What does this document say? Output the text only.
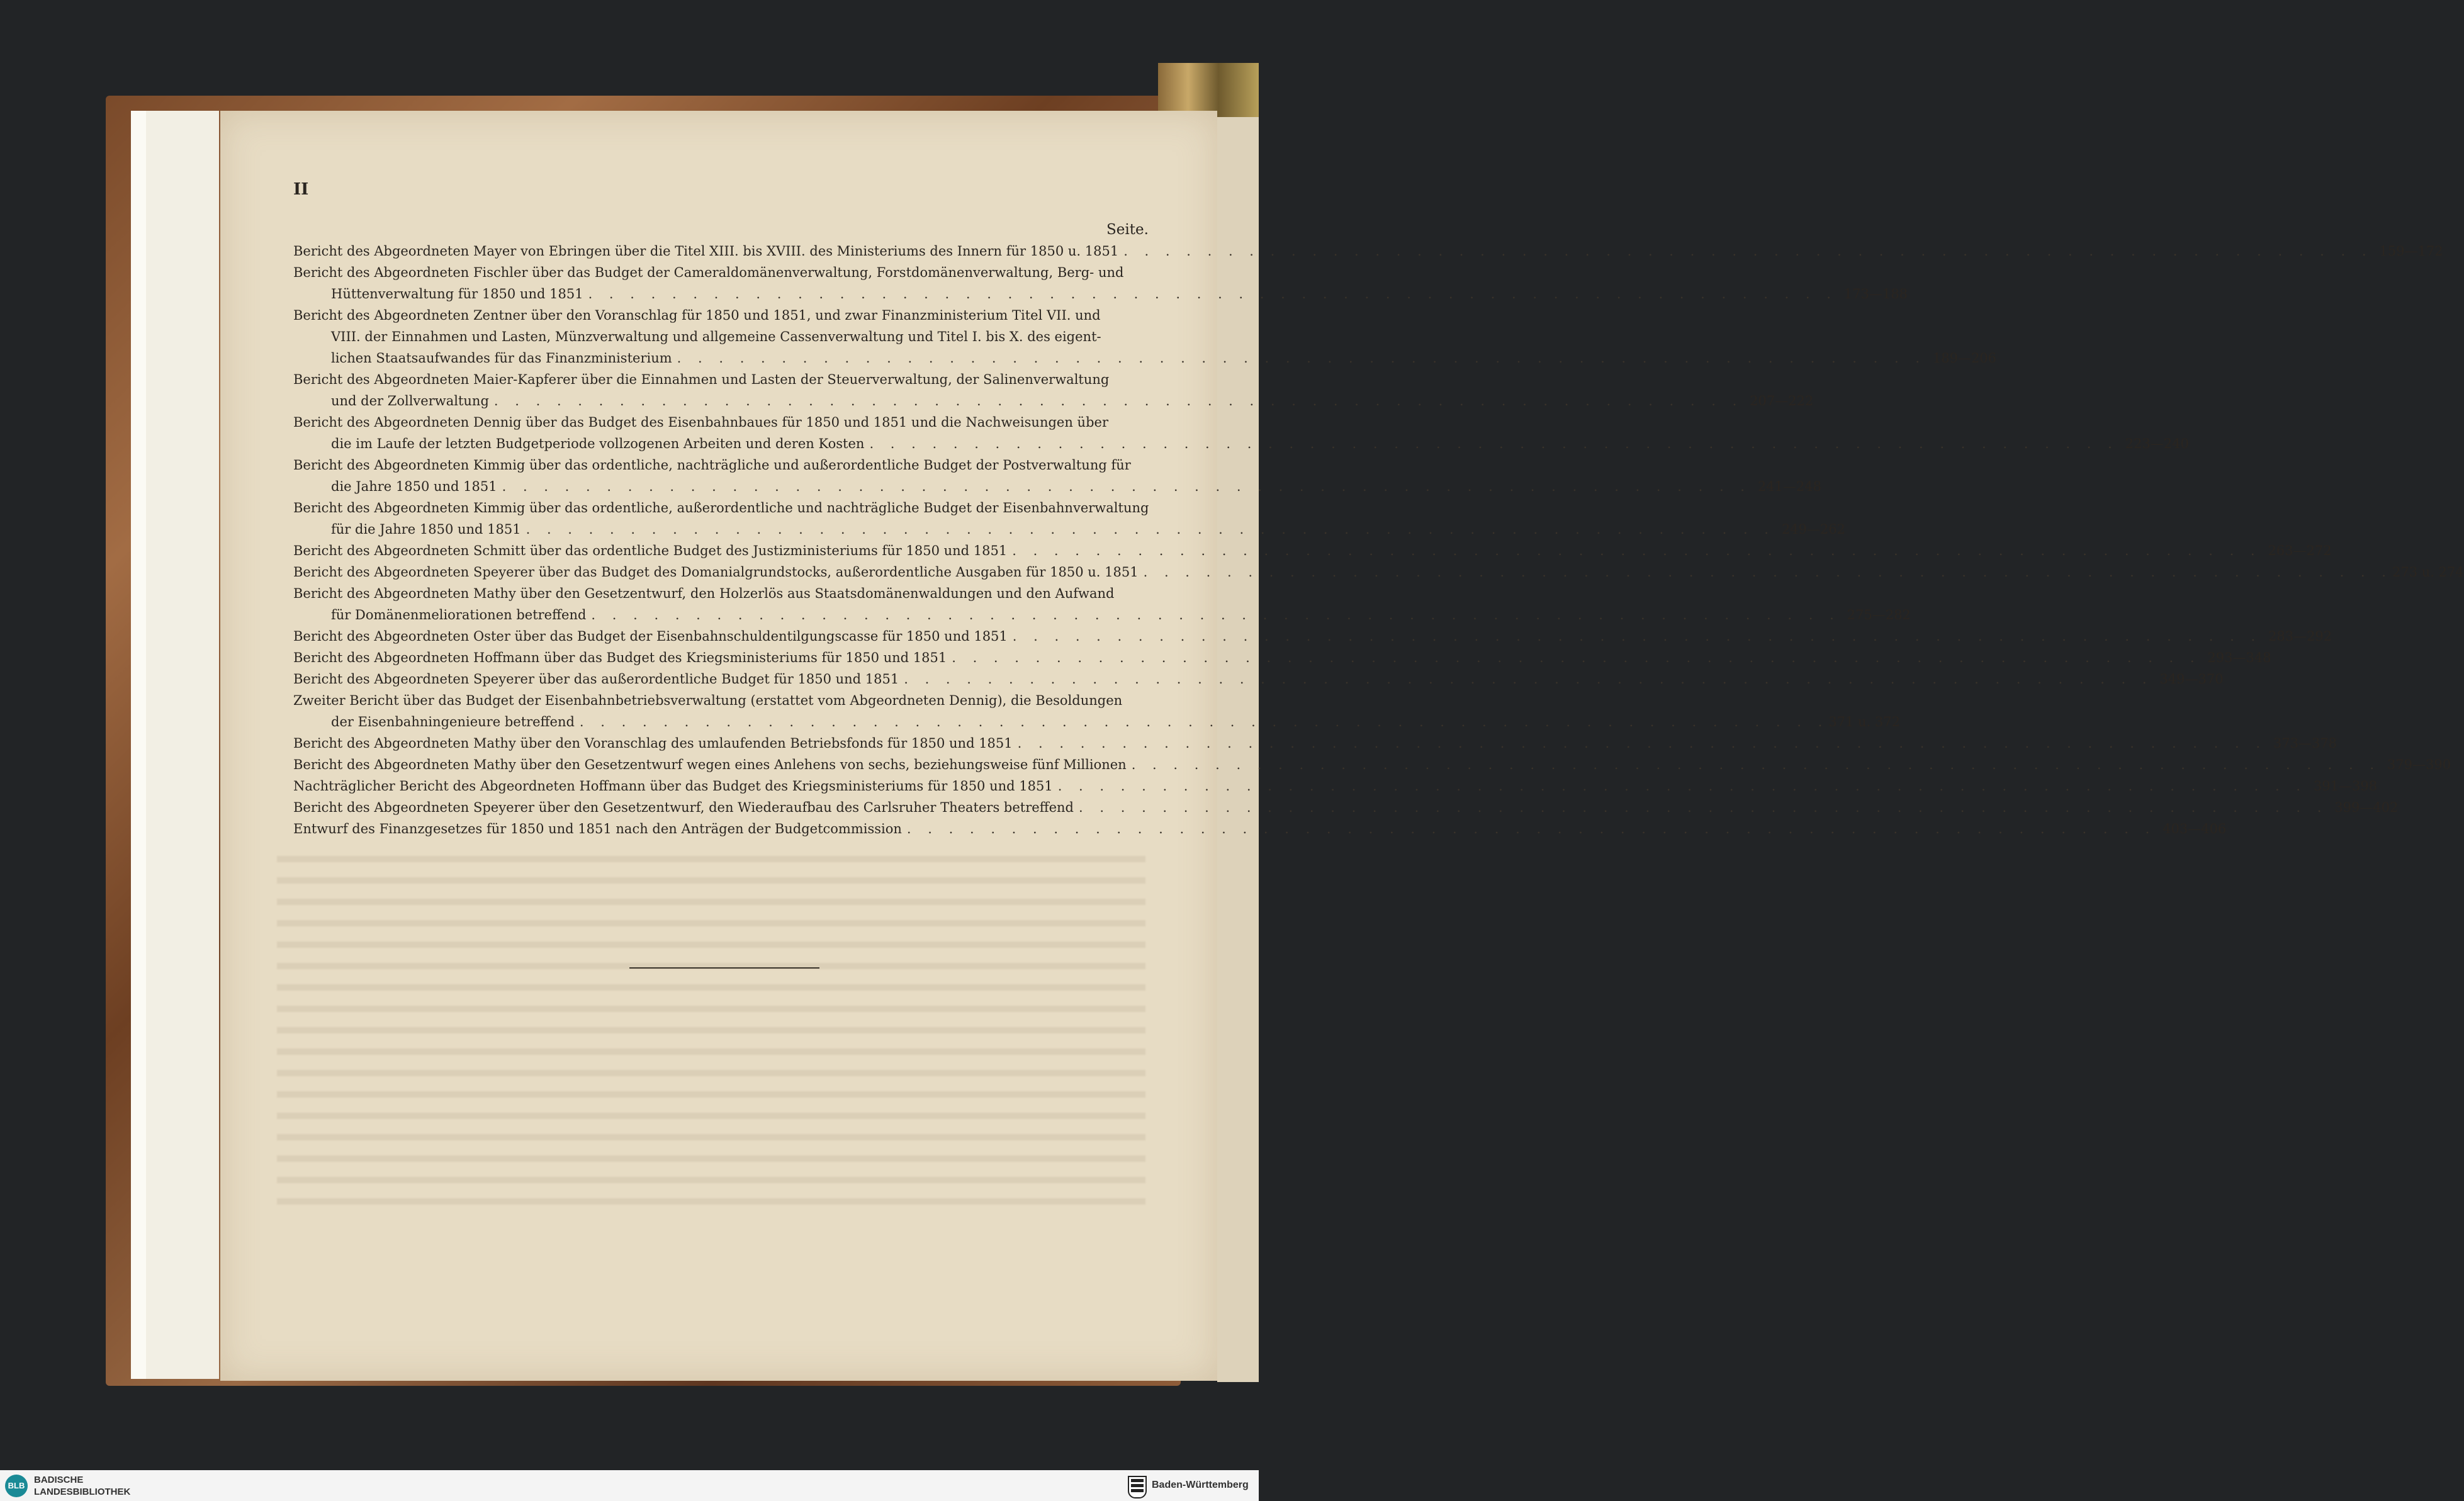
II
Seite.
Bericht des Abgeordneten Mayer von Ebringen über die Titel XIII. bis XVIII. des Ministeriums des Innern für 1850 u. 1851 . . . . . . . . . . . . . . . . . . . . . . . . . . . . . . . . . . . . . . . . . . . . . . . . . . . . . . . . . . . . 159—172
Bericht des Abgeordneten Fischler über das Budget der Cameraldomänenverwaltung, Forstdomänenverwaltung, Berg- und
Hüttenverwaltung für 1850 und 1851 . . . . . . . . . . . . . . . . . . . . . . . . . . . . . . . . . . . . . . . . . . . . . . . . . . . . . . . . . . . . 173—188
Bericht des Abgeordneten Zentner über den Voranschlag für 1850 und 1851, und zwar Finanzministerium Titel VII. und
VIII. der Einnahmen und Lasten, Münzverwaltung und allgemeine Cassenverwaltung und Titel I. bis X. des eigent-
lichen Staatsaufwandes für das Finanzministerium . . . . . . . . . . . . . . . . . . . . . . . . . . . . . . . . . . . . . . . . . . . . . . . . . . . . . . . . . . . . 189—206
Bericht des Abgeordneten Maier-Kapferer über die Einnahmen und Lasten der Steuerverwaltung, der Salinenverwaltung
und der Zollverwaltung . . . . . . . . . . . . . . . . . . . . . . . . . . . . . . . . . . . . . . . . . . . . . . . . . . . . . . . . . . . . 207—222
Bericht des Abgeordneten Dennig über das Budget des Eisenbahnbaues für 1850 und 1851 und die Nachweisungen über
die im Laufe der letzten Budgetperiode vollzogenen Arbeiten und deren Kosten . . . . . . . . . . . . . . . . . . . . . . . . . . . . . . . . . . . . . . . . . . . . . . . . . . . . . . . . . . . . 223—240
Bericht des Abgeordneten Kimmig über das ordentliche, nachträgliche und außerordentliche Budget der Postverwaltung für
die Jahre 1850 und 1851 . . . . . . . . . . . . . . . . . . . . . . . . . . . . . . . . . . . . . . . . . . . . . . . . . . . . . . . . . . . . 241—248
Bericht des Abgeordneten Kimmig über das ordentliche, außerordentliche und nachträgliche Budget der Eisenbahnverwaltung
für die Jahre 1850 und 1851 . . . . . . . . . . . . . . . . . . . . . . . . . . . . . . . . . . . . . . . . . . . . . . . . . . . . . . . . . . . . 249—262
Bericht des Abgeordneten Schmitt über das ordentliche Budget des Justizministeriums für 1850 und 1851 . . . . . . . . . . . . . . . . . . . . . . . . . . . . . . . . . . . . . . . . . . . . . . . . . . . . . . . . . . . . 263—272
Bericht des Abgeordneten Speyerer über das Budget des Domanialgrundstocks, außerordentliche Ausgaben für 1850 u. 1851 . . . . . . . . . . . . . . . . . . . . . . . . . . . . . . . . . . . . . . . . . . . . . . . . . . . . . . . . . . . . 273 u. 274
Bericht des Abgeordneten Mathy über den Gesetzentwurf, den Holzerlös aus Staatsdomänenwaldungen und den Aufwand
für Domänenmeliorationen betreffend . . . . . . . . . . . . . . . . . . . . . . . . . . . . . . . . . . . . . . . . . . . . . . . . . . . . . . . . . . . . 275—282
Bericht des Abgeordneten Oster über das Budget der Eisenbahnschuldentilgungscasse für 1850 und 1851 . . . . . . . . . . . . . . . . . . . . . . . . . . . . . . . . . . . . . . . . . . . . . . . . . . . . . . . . . . . . 283—292
Bericht des Abgeordneten Hoffmann über das Budget des Kriegsministeriums für 1850 und 1851 . . . . . . . . . . . . . . . . . . . . . . . . . . . . . . . . . . . . . . . . . . . . . . . . . . . . . . . . . . . . 293—348
Bericht des Abgeordneten Speyerer über das außerordentliche Budget für 1850 und 1851 . . . . . . . . . . . . . . . . . . . . . . . . . . . . . . . . . . . . . . . . . . . . . . . . . . . . . . . . . . . . 349—370
Zweiter Bericht über das Budget der Eisenbahnbetriebsverwaltung (erstattet vom Abgeordneten Dennig), die Besoldungen
der Eisenbahningenieure betreffend . . . . . . . . . . . . . . . . . . . . . . . . . . . . . . . . . . . . . . . . . . . . . . . . . . . . . . . . . . . . 371 u. 372
Bericht des Abgeordneten Mathy über den Voranschlag des umlaufenden Betriebsfonds für 1850 und 1851 . . . . . . . . . . . . . . . . . . . . . . . . . . . . . . . . . . . . . . . . . . . . . . . . . . . . . . . . . . . . 373—378
Bericht des Abgeordneten Mathy über den Gesetzentwurf wegen eines Anlehens von sechs, beziehungsweise fünf Millionen . . . . . . . . . . . . . . . . . . . . . . . . . . . . . . . . . . . . . . . . . . . . . . . . . . . . . . . . . . . . 379—390
Nachträglicher Bericht des Abgeordneten Hoffmann über das Budget des Kriegsministeriums für 1850 und 1851 . . . . . . . . . . . . . . . . . . . . . . . . . . . . . . . . . . . . . . . . . . . . . . . . . . . . . . . . . . . . 391—398
Bericht des Abgeordneten Speyerer über den Gesetzentwurf, den Wiederaufbau des Carlsruher Theaters betreffend . . . . . . . . . . . . . . . . . . . . . . . . . . . . . . . . . . . . . . . . . . . . . . . . . . . . . . . . . . . . 399—402
Entwurf des Finanzgesetzes für 1850 und 1851 nach den Anträgen der Budgetcommission . . . . . . . . . . . . . . . . . . . . . . . . . . . . . . . . . . . . . . . . . . . . . . . . . . . . . . . . . . . . 403—406
BLB
BADISCHE
LANDESBIBLIOTHEK
Baden-Württemberg
